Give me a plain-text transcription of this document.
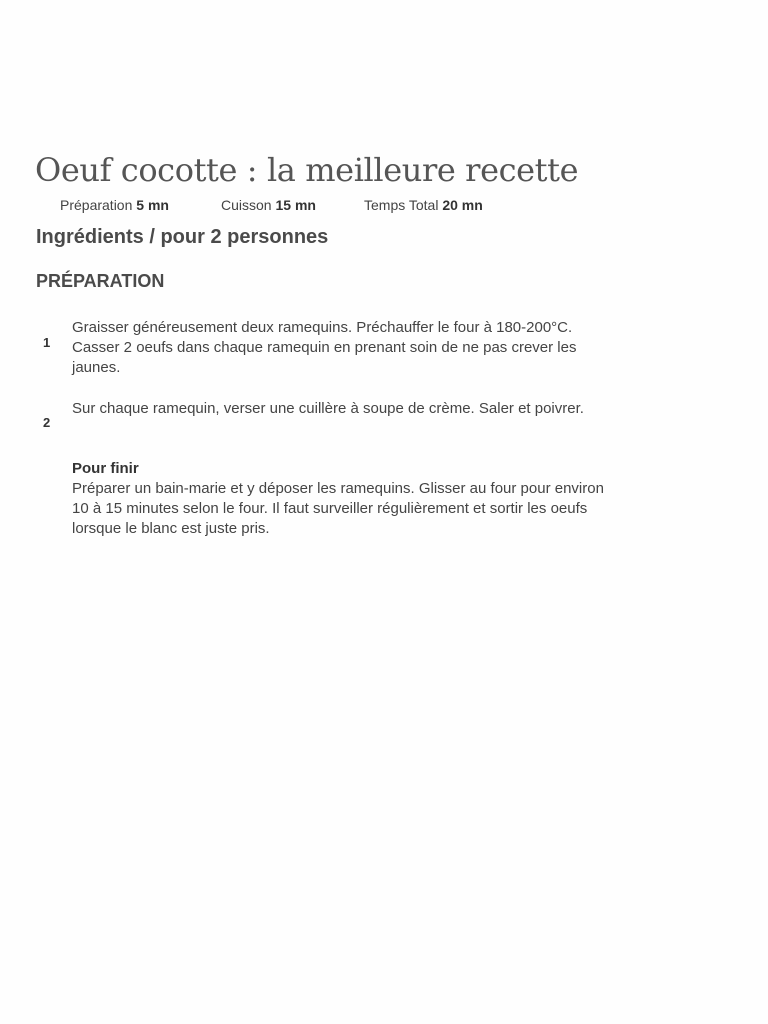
Oeuf cocotte : la meilleure recette
Préparation 5 mn	Cuisson 15 mn	Temps Total 20 mn
Ingrédients / pour 2 personnes
PRÉPARATION
1

Graisser généreusement deux ramequins. Préchauffer le four à 180-200°C. Casser 2 oeufs dans chaque ramequin en prenant soin de ne pas crever les jaunes.

2

Sur chaque ramequin, verser une cuillère à soupe de crème. Saler et poivrer.

Pour finir

Préparer un bain-marie et y déposer les ramequins. Glisser au four pour environ 10 à 15 minutes selon le four. Il faut surveiller régulièrement et sortir les oeufs lorsque le blanc est juste pris.
